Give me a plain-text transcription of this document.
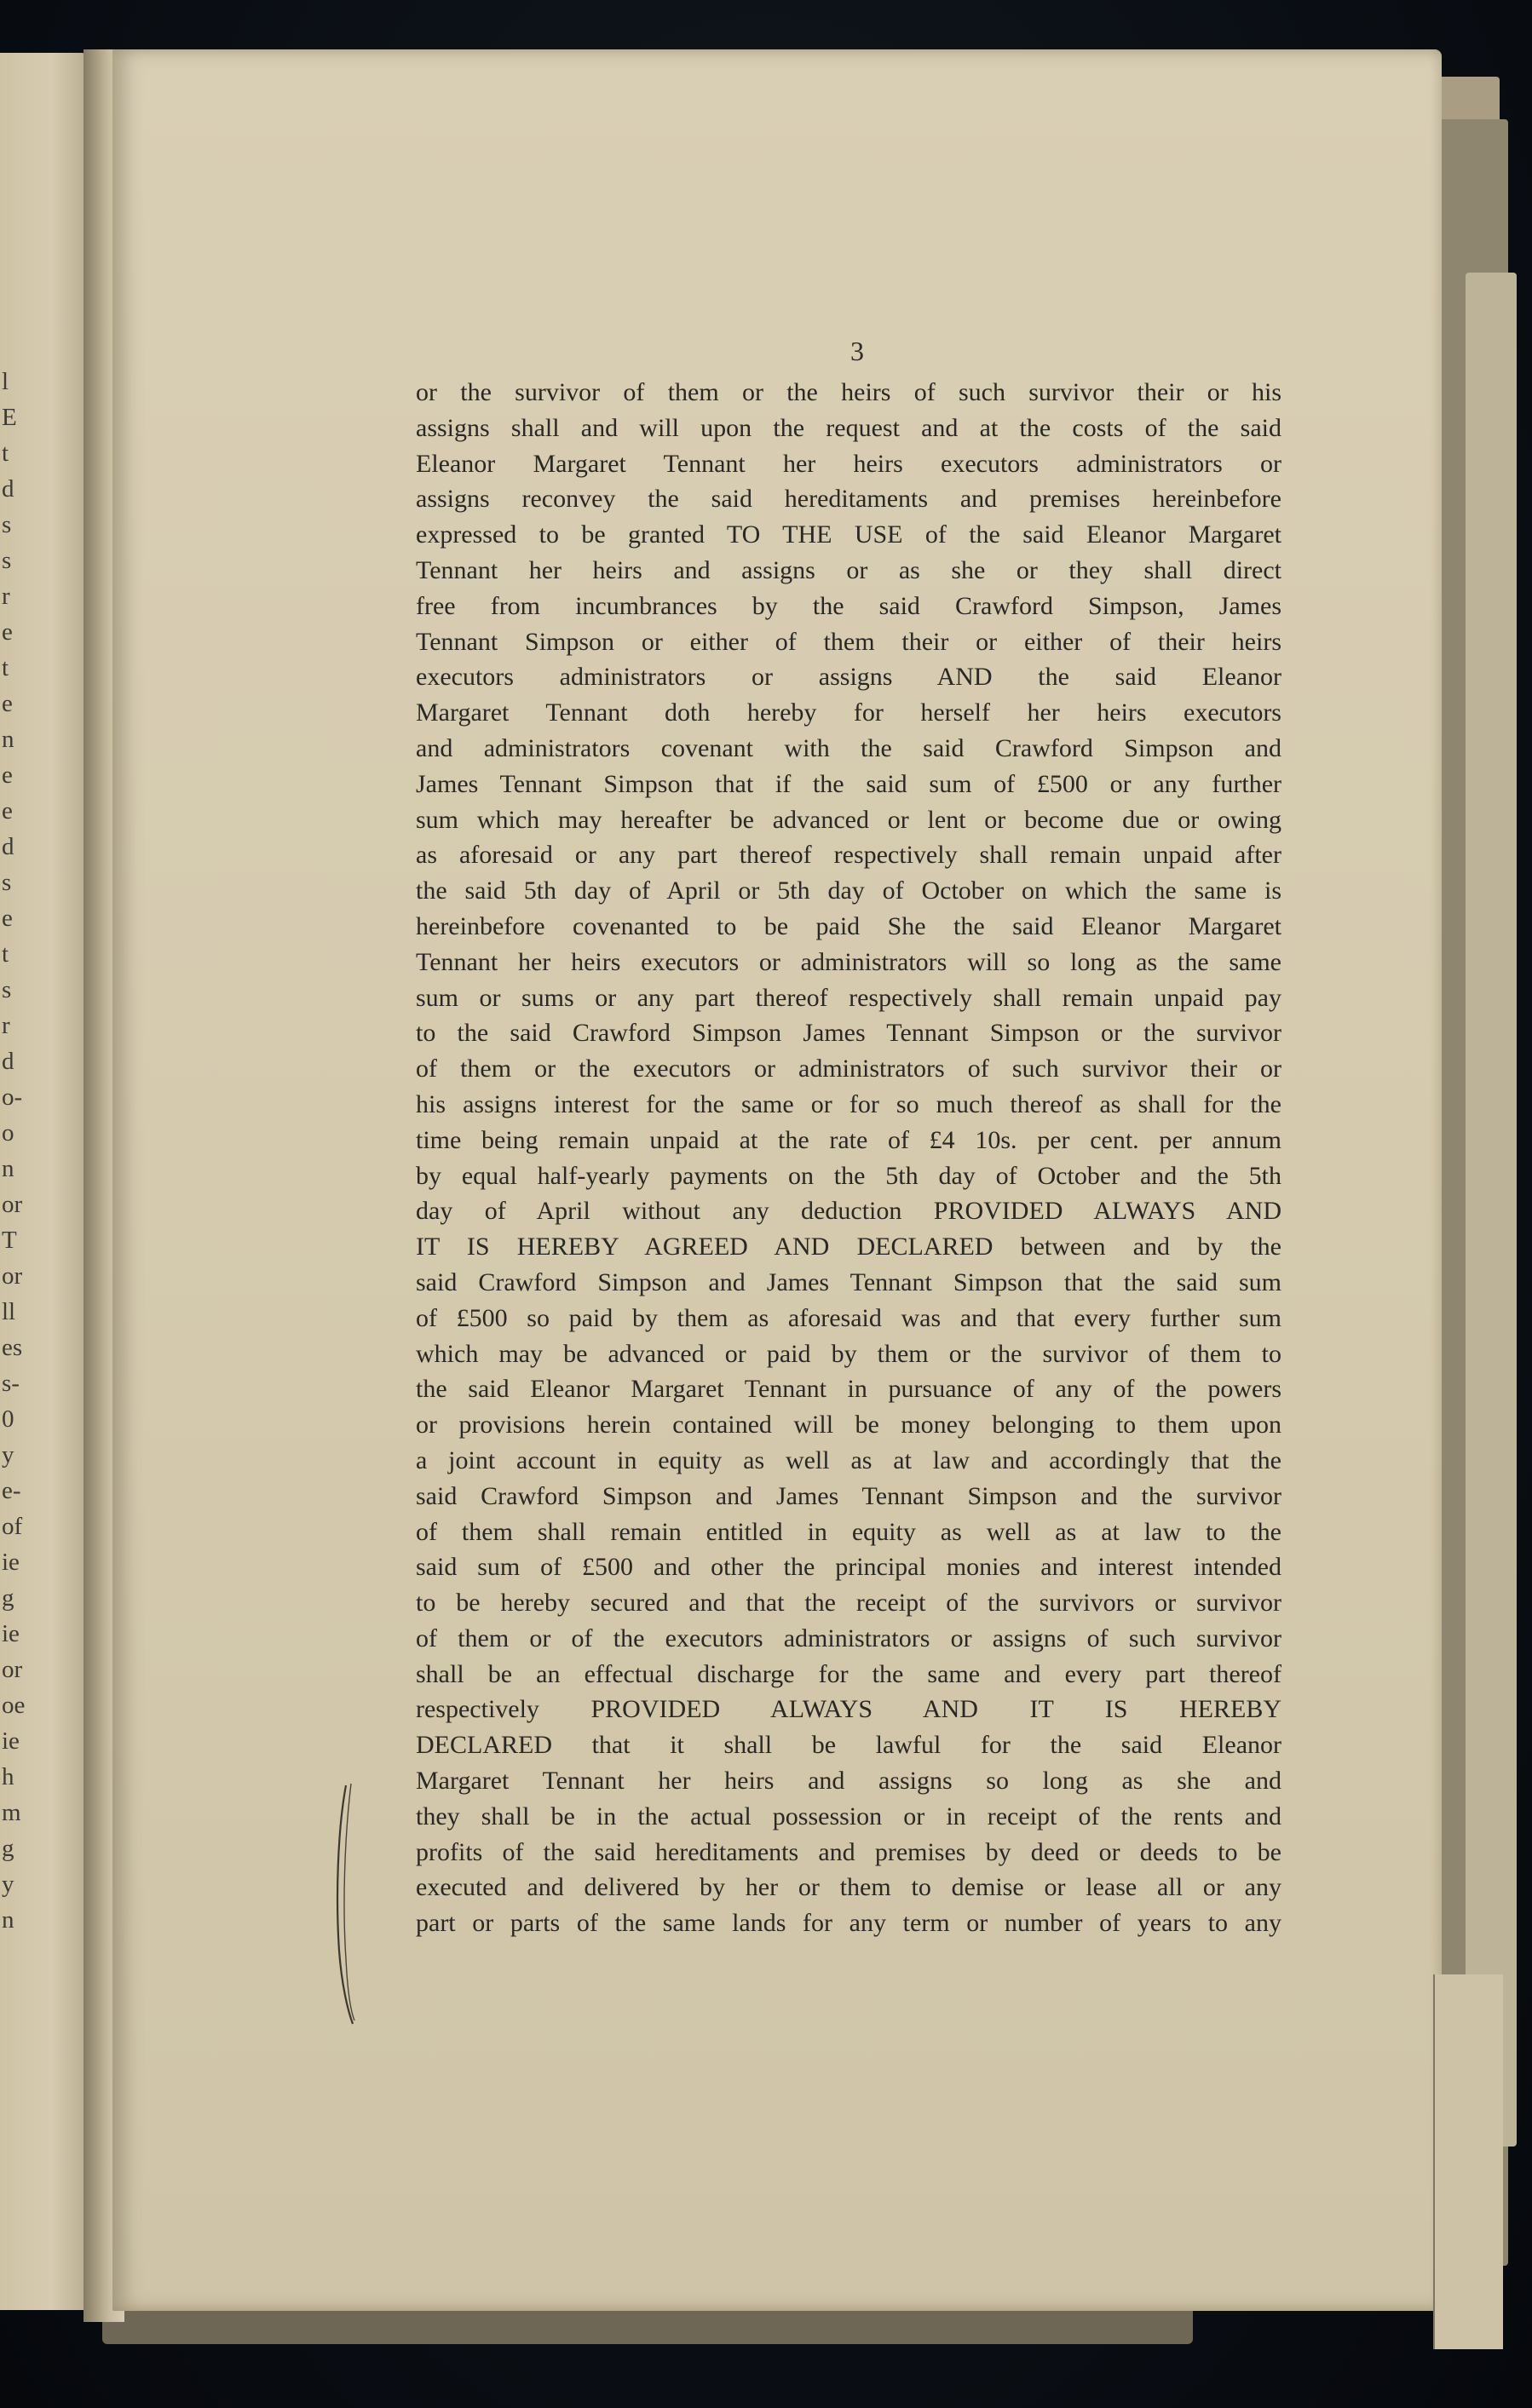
l
E
t
d
s
s
r
e
t
e
n
e
e
d
s
e
t
s
r
d
o-
o
n
or
T
or
ll
es
s-
0
y
e-
of
ie
g
ie
or
oe
ie
h
m
g
y
n
3
or the survivor of them or the heirs of such survivor their or his
assigns shall and will upon the request and at the costs of the said
Eleanor Margaret Tennant her heirs executors administrators or
assigns reconvey the said hereditaments and premises hereinbefore
expressed to be granted TO THE USE of the said Eleanor Margaret
Tennant her heirs and assigns or as she or they shall direct
free from incumbrances by the said Crawford Simpson, James
Tennant Simpson or either of them their or either of their heirs
executors administrators or assigns AND the said Eleanor
Margaret Tennant doth hereby for herself her heirs executors
and administrators covenant with the said Crawford Simpson and
James Tennant Simpson that if the said sum of £500 or any further
sum which may hereafter be advanced or lent or become due or owing
as aforesaid or any part thereof respectively shall remain unpaid after
the said 5th day of April or 5th day of October on which the same is
hereinbefore covenanted to be paid She the said Eleanor Margaret
Tennant her heirs executors or administrators will so long as the same
sum or sums or any part thereof respectively shall remain unpaid pay
to the said Crawford Simpson James Tennant Simpson or the survivor
of them or the executors or administrators of such survivor their or
his assigns interest for the same or for so much thereof as shall for the
time being remain unpaid at the rate of £4 10s. per cent. per annum
by equal half-yearly payments on the 5th day of October and the 5th
day of April without any deduction PROVIDED ALWAYS AND
IT IS HEREBY AGREED AND DECLARED between and by the
said Crawford Simpson and James Tennant Simpson that the said sum
of £500 so paid by them as aforesaid was and that every further sum
which may be advanced or paid by them or the survivor of them to
the said Eleanor Margaret Tennant in pursuance of any of the powers
or provisions herein contained will be money belonging to them upon
a joint account in equity as well as at law and accordingly that the
said Crawford Simpson and James Tennant Simpson and the survivor
of them shall remain entitled in equity as well as at law to the
said sum of £500 and other the principal monies and interest intended
to be hereby secured and that the receipt of the survivors or survivor
of them or of the executors administrators or assigns of such survivor
shall be an effectual discharge for the same and every part thereof
respectively PROVIDED ALWAYS AND IT IS HEREBY
DECLARED that it shall be lawful for the said Eleanor
Margaret Tennant her heirs and assigns so long as she and
they shall be in the actual possession or in receipt of the rents and
profits of the said hereditaments and premises by deed or deeds to be
executed and delivered by her or them to demise or lease all or any
part or parts of the same lands for any term or number of years to any
